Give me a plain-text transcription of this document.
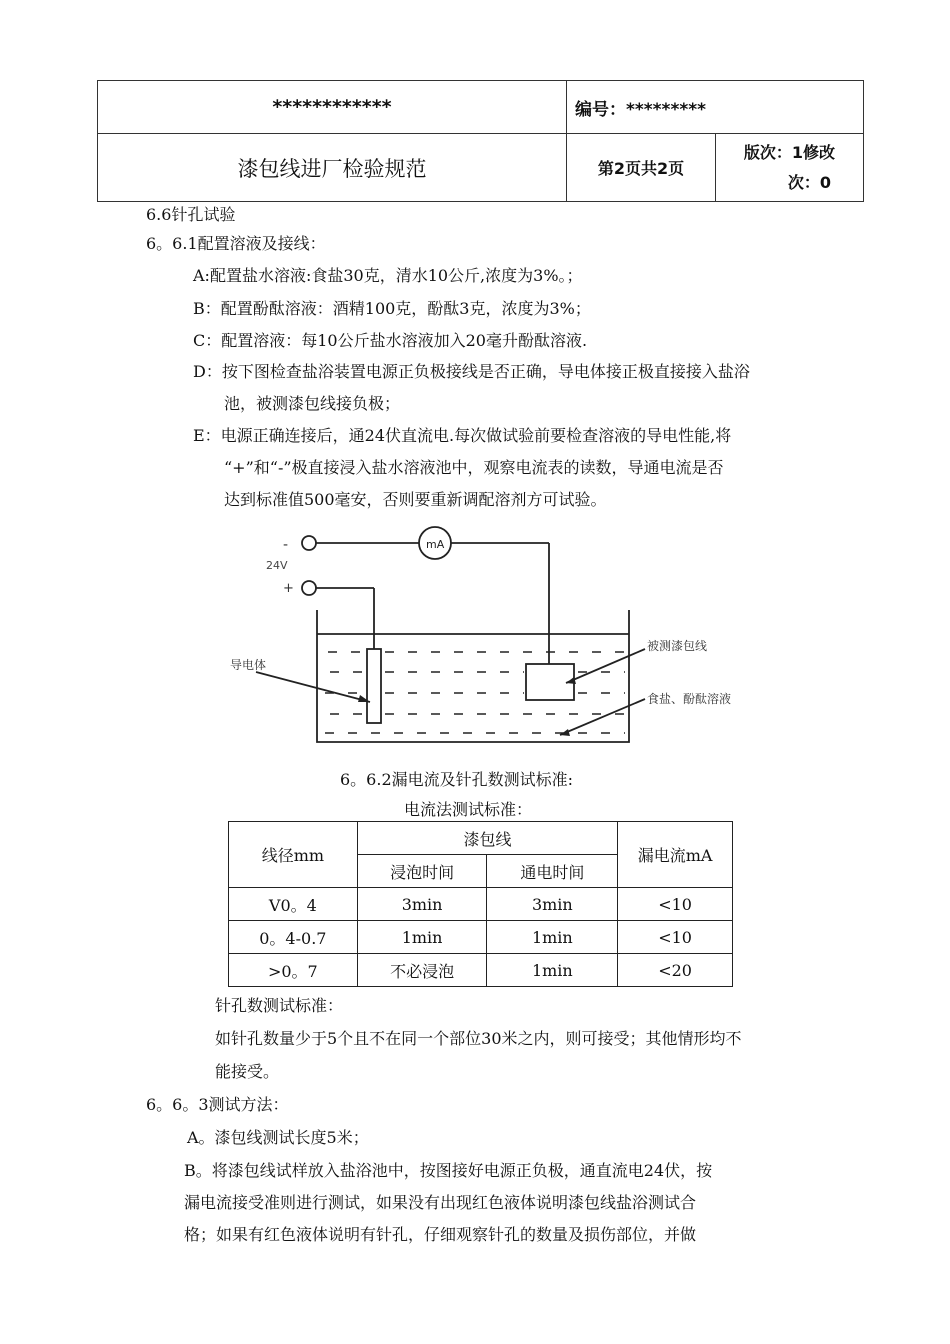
************	编号：*********	
漆包线进厂检验规范	第2页共2页	版次：1修改
次：0
6.6针孔试验
6。6.1配置溶液及接线：
A:配置盐水溶液:食盐30克，清水10公斤,浓度为3%。；
B：配置酚酞溶液：酒精100克，酚酞3克，浓度为3%；
C：配置溶液：每10公斤盐水溶液加入20毫升酚酞溶液.
D：按下图检查盐浴装置电源正负极接线是否正确，导电体接正极直接接入盐浴
池，被测漆包线接负极；
E：电源正确连接后，通24伏直流电.每次做试验前要检查溶液的导电性能,将
“+”和“-”极直接浸入盐水溶液池中，观察电流表的读数，导通电流是否
达到标准值500毫安，否则要重新调配溶剂方可试验。
-
24V
+
mA
导电体
被测漆包线
食盐、酚酞溶液
6。6.2漏电流及针孔数测试标准:
电流法测试标准：
线径mm	漆包线		漏电流mA
	浸泡时间	通电时间	
V0。4	3min	3min	<10
0。4-0.7	1min	1min	<10
>0。7	不必浸泡	1min	<20
针孔数测试标准：
如针孔数量少于5个且不在同一个部位30米之内，则可接受；其他情形均不
能接受。
6。6。3测试方法：
A。漆包线测试长度5米；
B。将漆包线试样放入盐浴池中，按图接好电源正负极，通直流电24伏，按
漏电流接受准则进行测试，如果没有出现红色液体说明漆包线盐浴测试合
格；如果有红色液体说明有针孔，仔细观察针孔的数量及损伤部位，并做
